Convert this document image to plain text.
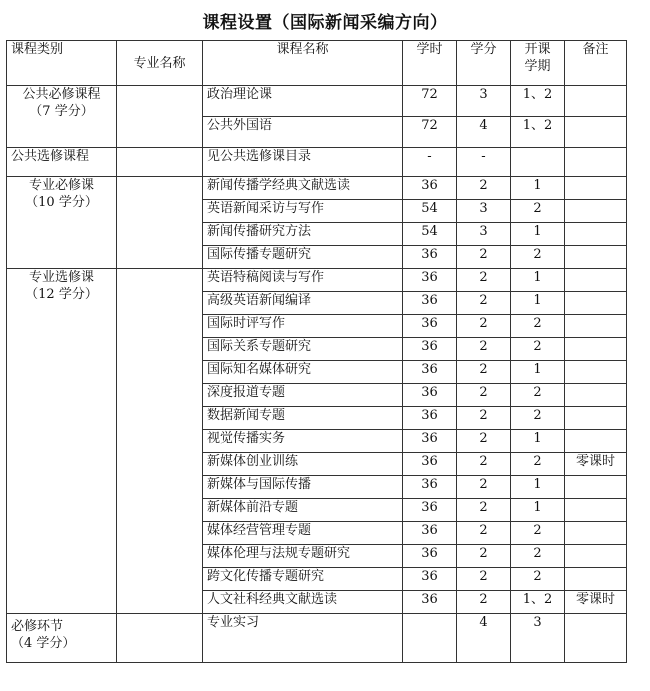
课程设置（国际新闻采编方向）
课程类别	专业名称	课程名称	学时	学分	开课学期	备注

公共必修课程
（7 学分）		政治理论课	72	3	1、2	
		公共外国语	72	4	1、2	
公共选修课程		见公共选修课目录	-	-		

专业必修课
（10 学分）		新闻传播学经典文献选读	36	2	1	
		英语新闻采访与写作	54	3	2	
		新闻传播研究方法	54	3	1	
		国际传播专题研究	36	2	2	

专业选修课
（12 学分）		英语特稿阅读与写作	36	2	1	
		高级英语新闻编译	36	2	1	
		国际时评写作	36	2	2	
		国际关系专题研究	36	2	2	
		国际知名媒体研究	36	2	1	
		深度报道专题	36	2	2	
		数据新闻专题	36	2	2	
		视觉传播实务	36	2	1	
		新媒体创业训练	36	2	2	零课时
		新媒体与国际传播	36	2	1	
		新媒体前沿专题	36	2	1	
		媒体经营管理专题	36	2	2	
		媒体伦理与法规专题研究	36	2	2	
		跨文化传播专题研究	36	2	2	
		人文社科经典文献选读	36	2	1、2	零课时

必修环节
（4 学分）		专业实习		4	3	
